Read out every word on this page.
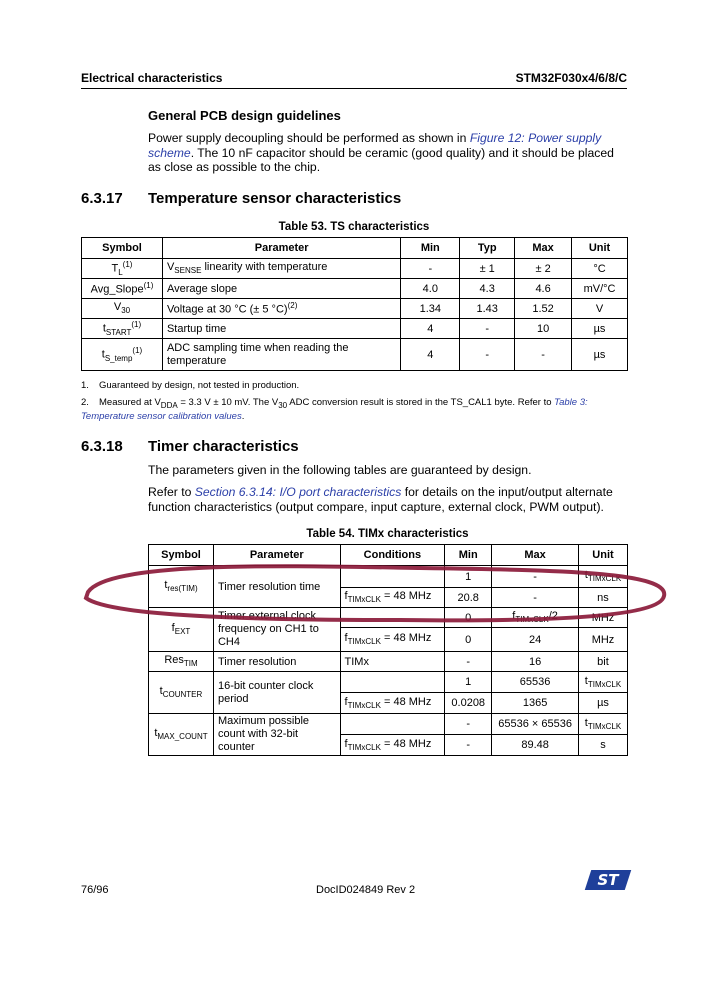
Electrical characteristics	STM32F030x4/6/8/C
General PCB design guidelines
Power supply decoupling should be performed as shown in Figure 12: Power supply scheme. The 10 nF capacitor should be ceramic (good quality) and it should be placed as close as possible to the chip.
6.3.17 Temperature sensor characteristics
Table 53. TS characteristics
Symbol	Parameter	Min	Typ	Max	Unit
$T_L^{(1)}$	$V_{SENSE}$ linearity with temperature	-	± 1	± 2	°C
Avg_Slope$^{(1)}$	Average slope	4.0	4.3	4.6	mV/°C
$V_{30}$	Voltage at 30 °C (± 5 °C)$^{(2)}$	1.34	1.43	1.52	V
$t_{START}^{(1)}$	Startup time	4	-	10	µs
$t_{S\_temp}^{(1)}$	ADC sampling time when reading the temperature	4	-	-	µs
1. Guaranteed by design, not tested in production.
2. Measured at $V_{DDA} = 3.3$ V ± 10 mV. The $V_{30}$ ADC conversion result is stored in the TS_CAL1 byte. Refer to Table 3: Temperature sensor calibration values.
6.3.18 Timer characteristics
The parameters given in the following tables are guaranteed by design.
Refer to Section 6.3.14: I/O port characteristics for details on the input/output alternate function characteristics (output compare, input capture, external clock, PWM output).
Table 54. TIMx characteristics
Symbol	Parameter	Conditions	Min	Max	Unit
$t_{res(TIM)}$	Timer resolution time		1	-	$t_{TIMxCLK}$
		$f_{TIMxCLK} = 48$ MHz	20.8	-	ns
$f_{EXT}$	Timer external clock frequency on CH1 to CH4		0	$f_{TIMxCLK}/2$	MHz
		$f_{TIMxCLK} = 48$ MHz	0	24	MHz
Res$_{TIM}$	Timer resolution	TIMx	-	16	bit
$t_{COUNTER}$	16-bit counter clock period		1	65536	$t_{TIMxCLK}$
		$f_{TIMxCLK} = 48$ MHz	0.0208	1365	µs
$t_{MAX\_COUNT}$	Maximum possible count with 32-bit counter		-	65536 × 65536	$t_{TIMxCLK}$
		$f_{TIMxCLK} = 48$ MHz	-	89.48	s
76/96	DocID024849 Rev 2
ST
